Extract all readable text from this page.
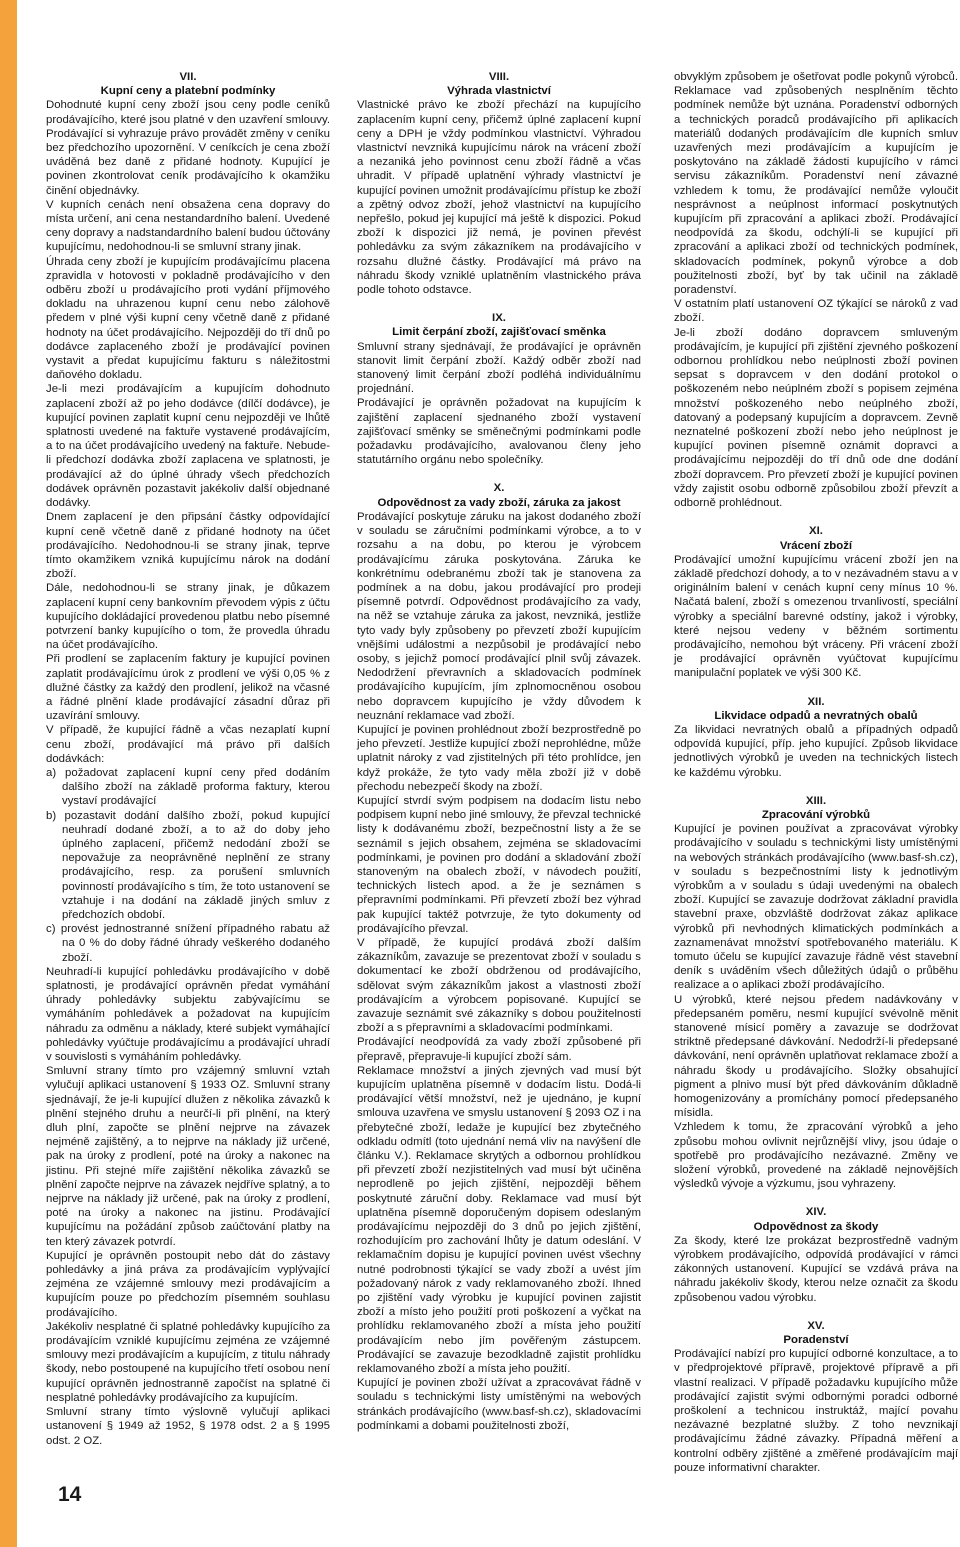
VII.

Kupní ceny a platební podmínky

Dohodnuté kupní ceny zboží jsou ceny podle ceníků prodávajícího, které jsou platné v den uzavření smlouvy. Prodávající si vyhrazuje právo provádět změny v ceníku bez předchozího upozornění. V ceníkcích je cena zboží uváděná bez daně z přidané hodnoty. Kupující je povinen zkontrolovat ceník prodávajícího k okamžiku činění objednávky.

V kupních cenách není obsažena cena dopravy do místa určení, ani cena nestandardního balení. Uvedené ceny dopravy a nadstandardního balení budou účtovány kupujícímu, nedohodnou-li se smluvní strany jinak.

Úhrada ceny zboží je kupujícím prodávajícímu placena zpravidla v hotovosti v pokladně prodávajícího v den odběru zboží u prodávajícího proti vydání příjmového dokladu na uhrazenou kupní cenu nebo zálohově předem v plné výši kupní ceny včetně daně z přidané hodnoty na účet prodávajícího. Nejpozději do tří dnů po dodávce zaplaceného zboží je prodávající povinen vystavit a předat kupujícímu fakturu s náležitostmi daňového dokladu.

Je-li mezi prodávajícím a kupujícím dohodnuto zaplacení zboží až po jeho dodávce (dílčí dodávce), je kupující povinen zaplatit kupní cenu nejpozději ve lhůtě splatnosti uvedené na faktuře vystavené prodávajícím, a to na účet prodávajícího uvedený na faktuře. Nebude-li předchozí dodávka zboží zaplacena ve splatnosti, je prodávající až do úplné úhrady všech předchozích dodávek oprávněn pozastavit jakékoliv další objednané dodávky.

Dnem zaplacení je den připsání částky odpovídající kupní ceně včetně daně z přidané hodnoty na účet prodávajícího. Nedohodnou-li se strany jinak, teprve tímto okamžikem vzniká kupujícímu nárok na dodání zboží.

Dále, nedohodnou-li se strany jinak, je důkazem zaplacení kupní ceny bankovním převodem výpis z účtu kupujícího dokládající provedenou platbu nebo písemné potvrzení banky kupujícího o tom, že provedla úhradu na účet prodávajícího.

Při prodlení se zaplacením faktury je kupující povinen zaplatit prodávajícímu úrok z prodlení ve výši 0,05 % z dlužné částky za každý den prodlení, jelikož na včasné a řádné plnění klade prodávající zásadní důraz při uzavírání smlouvy.

V případě, že kupující řádně a včas nezaplatí kupní cenu zboží, prodávající má právo při dalších dodávkách:

a) požadovat zaplacení kupní ceny před dodáním dalšího zboží na základě proforma faktury, kterou vystaví prodávající
b) pozastavit dodání dalšího zboží, pokud kupující neuhradí dodané zboží, a to až do doby jeho úplného zaplacení, přičemž nedodání zboží se nepovažuje za neoprávněné neplnění ze strany prodávajícího, resp. za porušení smluvních povinností prodávajícího s tím, že toto ustanovení se vztahuje i na dodání na základě jiných smluv z předchozích období.
c) provést jednostranné snížení případného rabatu až na 0 % do doby řádné úhrady veškerého dodaného zboží.

Neuhradí-li kupující pohledávku prodávajícího v době splatnosti, je prodávající oprávněn předat vymáhání úhrady pohledávky subjektu zabývajícímu se vymáháním pohledávek a požadovat na kupujícím náhradu za odměnu a náklady, které subjekt vymáhající pohledávky vyúčtuje prodávajícímu a prodávající uhradí v souvislosti s vymáháním pohledávky.

Smluvní strany tímto pro vzájemný smluvní vztah vylučují aplikaci ustanovení § 1933 OZ. Smluvní strany sjednávají, že je-li kupující dlužen z několika závazků k plnění stejného druhu a neurčí-li při plnění, na který dluh plní, započte se plnění nejprve na závazek nejméně zajištěný, a to nejprve na náklady již určené, pak na úroky z prodlení, poté na úroky a nakonec na jistinu. Při stejné míře zajištění několika závazků se plnění započte nejprve na závazek nejdříve splatný, a to nejprve na náklady již určené, pak na úroky z prodlení, poté na úroky a nakonec na jistinu. Prodávající kupujícímu na požádání způsob zaúčtování platby na ten který závazek potvrdí.

Kupující je oprávněn postoupit nebo dát do zástavy pohledávky a jiná práva za prodávajícím vyplývající zejména ze vzájemné smlouvy mezi prodávajícím a kupujícím pouze po předchozím písemném souhlasu prodávajícího.

Jakékoliv nesplatné či splatné pohledávky kupujícího za prodávajícím vzniklé kupujícímu zejména ze vzájemné smlouvy mezi prodávajícím a kupujícím, z titulu náhrady škody, nebo postoupené na kupujícího třetí osobou není kupující oprávněn jednostranně započíst na splatné či nesplatné pohledávky prodávajícího za kupujícím.

Smluvní strany tímto výslovně vylučují aplikaci ustanovení § 1949 až 1952, § 1978 odst. 2 a § 1995 odst. 2 OZ.

VIII.

Výhrada vlastnictví

Vlastnické právo ke zboží přechází na kupujícího zaplacením kupní ceny, přičemž úplné zaplacení kupní ceny a DPH je vždy podmínkou vlastnictví. Výhradou vlastnictví nevzniká kupujícímu nárok na vrácení zboží a nezaniká jeho povinnost cenu zboží řádně a včas uhradit. V případě uplatnění výhrady vlastnictví je kupující povinen umožnit prodávajícímu přístup ke zboží a zpětný odvoz zboží, jehož vlastnictví na kupujícího nepřešlo, pokud jej kupující má ještě k dispozici. Pokud zboží k dispozici již nemá, je povinen převést pohledávku za svým zákazníkem na prodávajícího v rozsahu dlužné částky. Prodávající má právo na náhradu škody vzniklé uplatněním vlastnického práva podle tohoto odstavce.

IX.

Limit čerpání zboží, zajišťovací směnka

Smluvní strany sjednávají, že prodávající je oprávněn stanovit limit čerpání zboží. Každý odběr zboží nad stanovený limit čerpání zboží podléhá individuálnímu projednání.

Prodávající je oprávněn požadovat na kupujícím k zajištění zaplacení sjednaného zboží vystavení zajišťovací směnky se směnečnými podmínkami podle požadavku prodávajícího, avalovanou členy jeho statutárního orgánu nebo společníky.

X.

Odpovědnost za vady zboží, záruka za jakost

Prodávající poskytuje záruku na jakost dodaného zboží v souladu se záručními podmínkami výrobce, a to v rozsahu a na dobu, po kterou je výrobcem prodávajícímu záruka poskytována. Záruka ke konkrétnímu odebranému zboží tak je stanovena za podmínek a na dobu, jakou prodávající pro prodeji písemně potvrdí. Odpovědnost prodávajícího za vady, na něž se vztahuje záruka za jakost, nevzniká, jestliže tyto vady byly způsobeny po převzetí zboží kupujícím vnějšími událostmi a nezpůsobil je prodávající nebo osoby, s jejichž pomocí prodávající plnil svůj závazek. Nedodržení převravních a skladovacích podmínek prodávajícího kupujícím, jím zplnomocněnou osobou nebo dopravcem kupujícího je vždy důvodem k neuznání reklamace vad zboží.

Kupující je povinen prohlédnout zboží bezprostředně po jeho převzetí. Jestliže kupující zboží neprohlédne, může uplatnit nároky z vad zjistitelných při této prohlídce, jen když prokáže, že tyto vady měla zboží již v době přechodu nebezpečí škody na zboží.

Kupující stvrdí svým podpisem na dodacím listu nebo podpisem kupní nebo jiné smlouvy, že převzal technické listy k dodávanému zboží, bezpečnostní listy a že se seznámil s jejich obsahem, zejména se skladovacími podmínkami, je povinen pro dodání a skladování zboží stanoveným na obalech zboží, v návodech použití, technických listech apod. a že je seznámen s přepravními podmínkami. Při převzetí zboží bez výhrad pak kupující taktéž potvrzuje, že tyto dokumenty od prodávajícího převzal.

V případě, že kupující prodává zboží dalším zákazníkům, zavazuje se prezentovat zboží v souladu s dokumentací ke zboží obdrženou od prodávajícího, sdělovat svým zákazníkům jakost a vlastnosti zboží prodávajícím a výrobcem popisované. Kupující se zavazuje seznámit své zákazníky s dobou použitelnosti zboží a s přepravními a skladovacími podmínkami.

Prodávající neodpovídá za vady zboží způsobené při přepravě, přepravuje-li kupující zboží sám.

Reklamace množství a jiných zjevných vad musí být kupujícím uplatněna písemně v dodacím listu. Dodá-li prodávající větší množství, než je ujednáno, je kupní smlouva uzavřena ve smyslu ustanovení § 2093 OZ i na přebytečné zboží, ledaže je kupující bez zbytečného odkladu odmítl (toto ujednání nemá vliv na navýšení dle článku V.). Reklamace skrytých a odbornou prohlídkou při převzetí zboží nezjistitelných vad musí být učiněna neprodleně po jejich zjištění, nejpozději během poskytnuté záruční doby. Reklamace vad musí být uplatněna písemně doporučeným dopisem odeslaným prodávajícímu nejpozději do 3 dnů po jejich zjištění, rozhodujícím pro zachování lhůty je datum odeslání. V reklamačním dopisu je kupující povinen uvést všechny nutné podrobnosti týkající se vady zboží a uvést jím požadovaný nárok z vady reklamovaného zboží. Ihned po zjištění vady výrobku je kupující povinen zajistit zboží a místo jeho použití proti poškození a vyčkat na prohlídku reklamovaného zboží a místa jeho použití prodávajícím nebo jím pověřeným zástupcem. Prodávající se zavazuje bezodkladně zajistit prohlídku reklamovaného zboží a místa jeho použití.

Kupující je povinen zboží užívat a zpracovávat řádně v souladu s technickými listy umístěnými na webových stránkách prodávajícího (www.basf-sh.cz), skladovacími podmínkami a dobami použitelnosti zboží,

obvyklým způsobem je ošetřovat podle pokynů výrobců. Reklamace vad způsobených nesplněním těchto podmínek nemůže být uznána. Poradenství odborných a technických poradců prodávajícího při aplikacích materiálů dodaných prodávajícím dle kupních smluv uzavřených mezi prodávajícím a kupujícím je poskytováno na základě žádosti kupujícího v rámci servisu zákazníkům. Poradenství není závazné vzhledem k tomu, že prodávající nemůže vyloučit nesprávnost a neúplnost informací poskytnutých kupujícím při zpracování a aplikaci zboží. Prodávající neodpovídá za škodu, odchýlí-li se kupující při zpracování a aplikaci zboží od technických podmínek, skladovacích podmínek, pokynů výrobce a dob použitelnosti zboží, byť by tak učinil na základě poradenství.

V ostatním platí ustanovení OZ týkající se nároků z vad zboží.

Je-li zboží dodáno dopravcem smluveným prodávajícím, je kupující při zjištění zjevného poškození odbornou prohlídkou nebo neúplnosti zboží povinen sepsat s dopravcem v den dodání protokol o poškozeném nebo neúplném zboží s popisem zejména množství poškozeného nebo neúplného zboží, datovaný a podepsaný kupujícím a dopravcem. Zevně neznatelné poškození zboží nebo jeho neúplnost je kupující povinen písemně oznámit dopravci a prodávajícímu nejpozději do tří dnů ode dne dodání zboží dopravcem. Pro převzetí zboží je kupující povinen vždy zajistit osobu odborně způsobilou zboží převzít a odborně prohlédnout.

XI.

Vrácení zboží

Prodávající umožní kupujícímu vrácení zboží jen na základě předchozí dohody, a to v nezávadném stavu a v originálním balení v cenách kupní ceny mínus 10 %. Načatá balení, zboží s omezenou trvanlivostí, speciální výrobky a speciální barevné odstíny, jakož i výrobky, které nejsou vedeny v běžném sortimentu prodávajícího, nemohou být vráceny. Při vrácení zboží je prodávající oprávněn vyúčtovat kupujícímu manipulační poplatek ve výši 300 Kč.

XII.

Likvidace odpadů a nevratných obalů

Za likvidaci nevratných obalů a případných odpadů odpovídá kupující, příp. jeho kupující. Způsob likvidace jednotlivých výrobků je uveden na technických listech ke každému výrobku.

XIII.

Zpracování výrobků

Kupující je povinen používat a zpracovávat výrobky prodávajícího v souladu s technickými listy umístěnými na webových stránkách prodávajícího (www.basf-sh.cz), v souladu s bezpečnostními listy k jednotlivým výrobkům a v souladu s údaji uvedenými na obalech zboží. Kupující se zavazuje dodržovat základní pravidla stavební praxe, obzvláště dodržovat zákaz aplikace výrobků při nevhodných klimatických podmínkách a zaznamenávat množství spotřebovaného materiálu. K tomuto účelu se kupující zavazuje řádně vést stavební deník s uváděním všech důležitých údajů o průběhu realizace a o aplikaci zboží prodávajícího.

U výrobků, které nejsou předem nadávkovány v předepsaném poměru, nesmí kupující svévolně měnit stanovené mísicí poměry a zavazuje se dodržovat striktně předepsané dávkování. Nedodrží-li předepsané dávkování, není oprávněn uplatňovat reklamace zboží a náhradu škody u prodávajícího. Složky obsahující pigment a plnivo musí být před dávkováním důkladně homogenizovány a promíchány pomocí předepsaného mísidla.

Vzhledem k tomu, že zpracování výrobků a jeho způsobu mohou ovlivnit nejrůznější vlivy, jsou údaje o spotřebě pro prodávajícího nezávazné. Změny ve složení výrobků, provedené na základě nejnovějších výsledků vývoje a výzkumu, jsou vyhrazeny.

XIV.

Odpovědnost za škody

Za škody, které lze prokázat bezprostředně vadným výrobkem prodávajícího, odpovídá prodávající v rámci zákonných ustanovení. Kupující se vzdává práva na náhradu jakékoliv škody, kterou nelze označit za škodu způsobenou vadou výrobku.

XV.

Poradenství

Prodávající nabízí pro kupující odborné konzultace, a to v předprojektové přípravě, projektové přípravě a při vlastní realizaci. V případě požadavku kupujícího může prodávající zajistit svými odbornými poradci odborné proškolení a technicou instruktáž, mající povahu nezávazné bezplatné služby. Z toho nevznikají prodávajícímu žádné závazky. Případná měření a kontrolní odběry zjištěné a změřené prodávajícím mají pouze informativní charakter.

14
